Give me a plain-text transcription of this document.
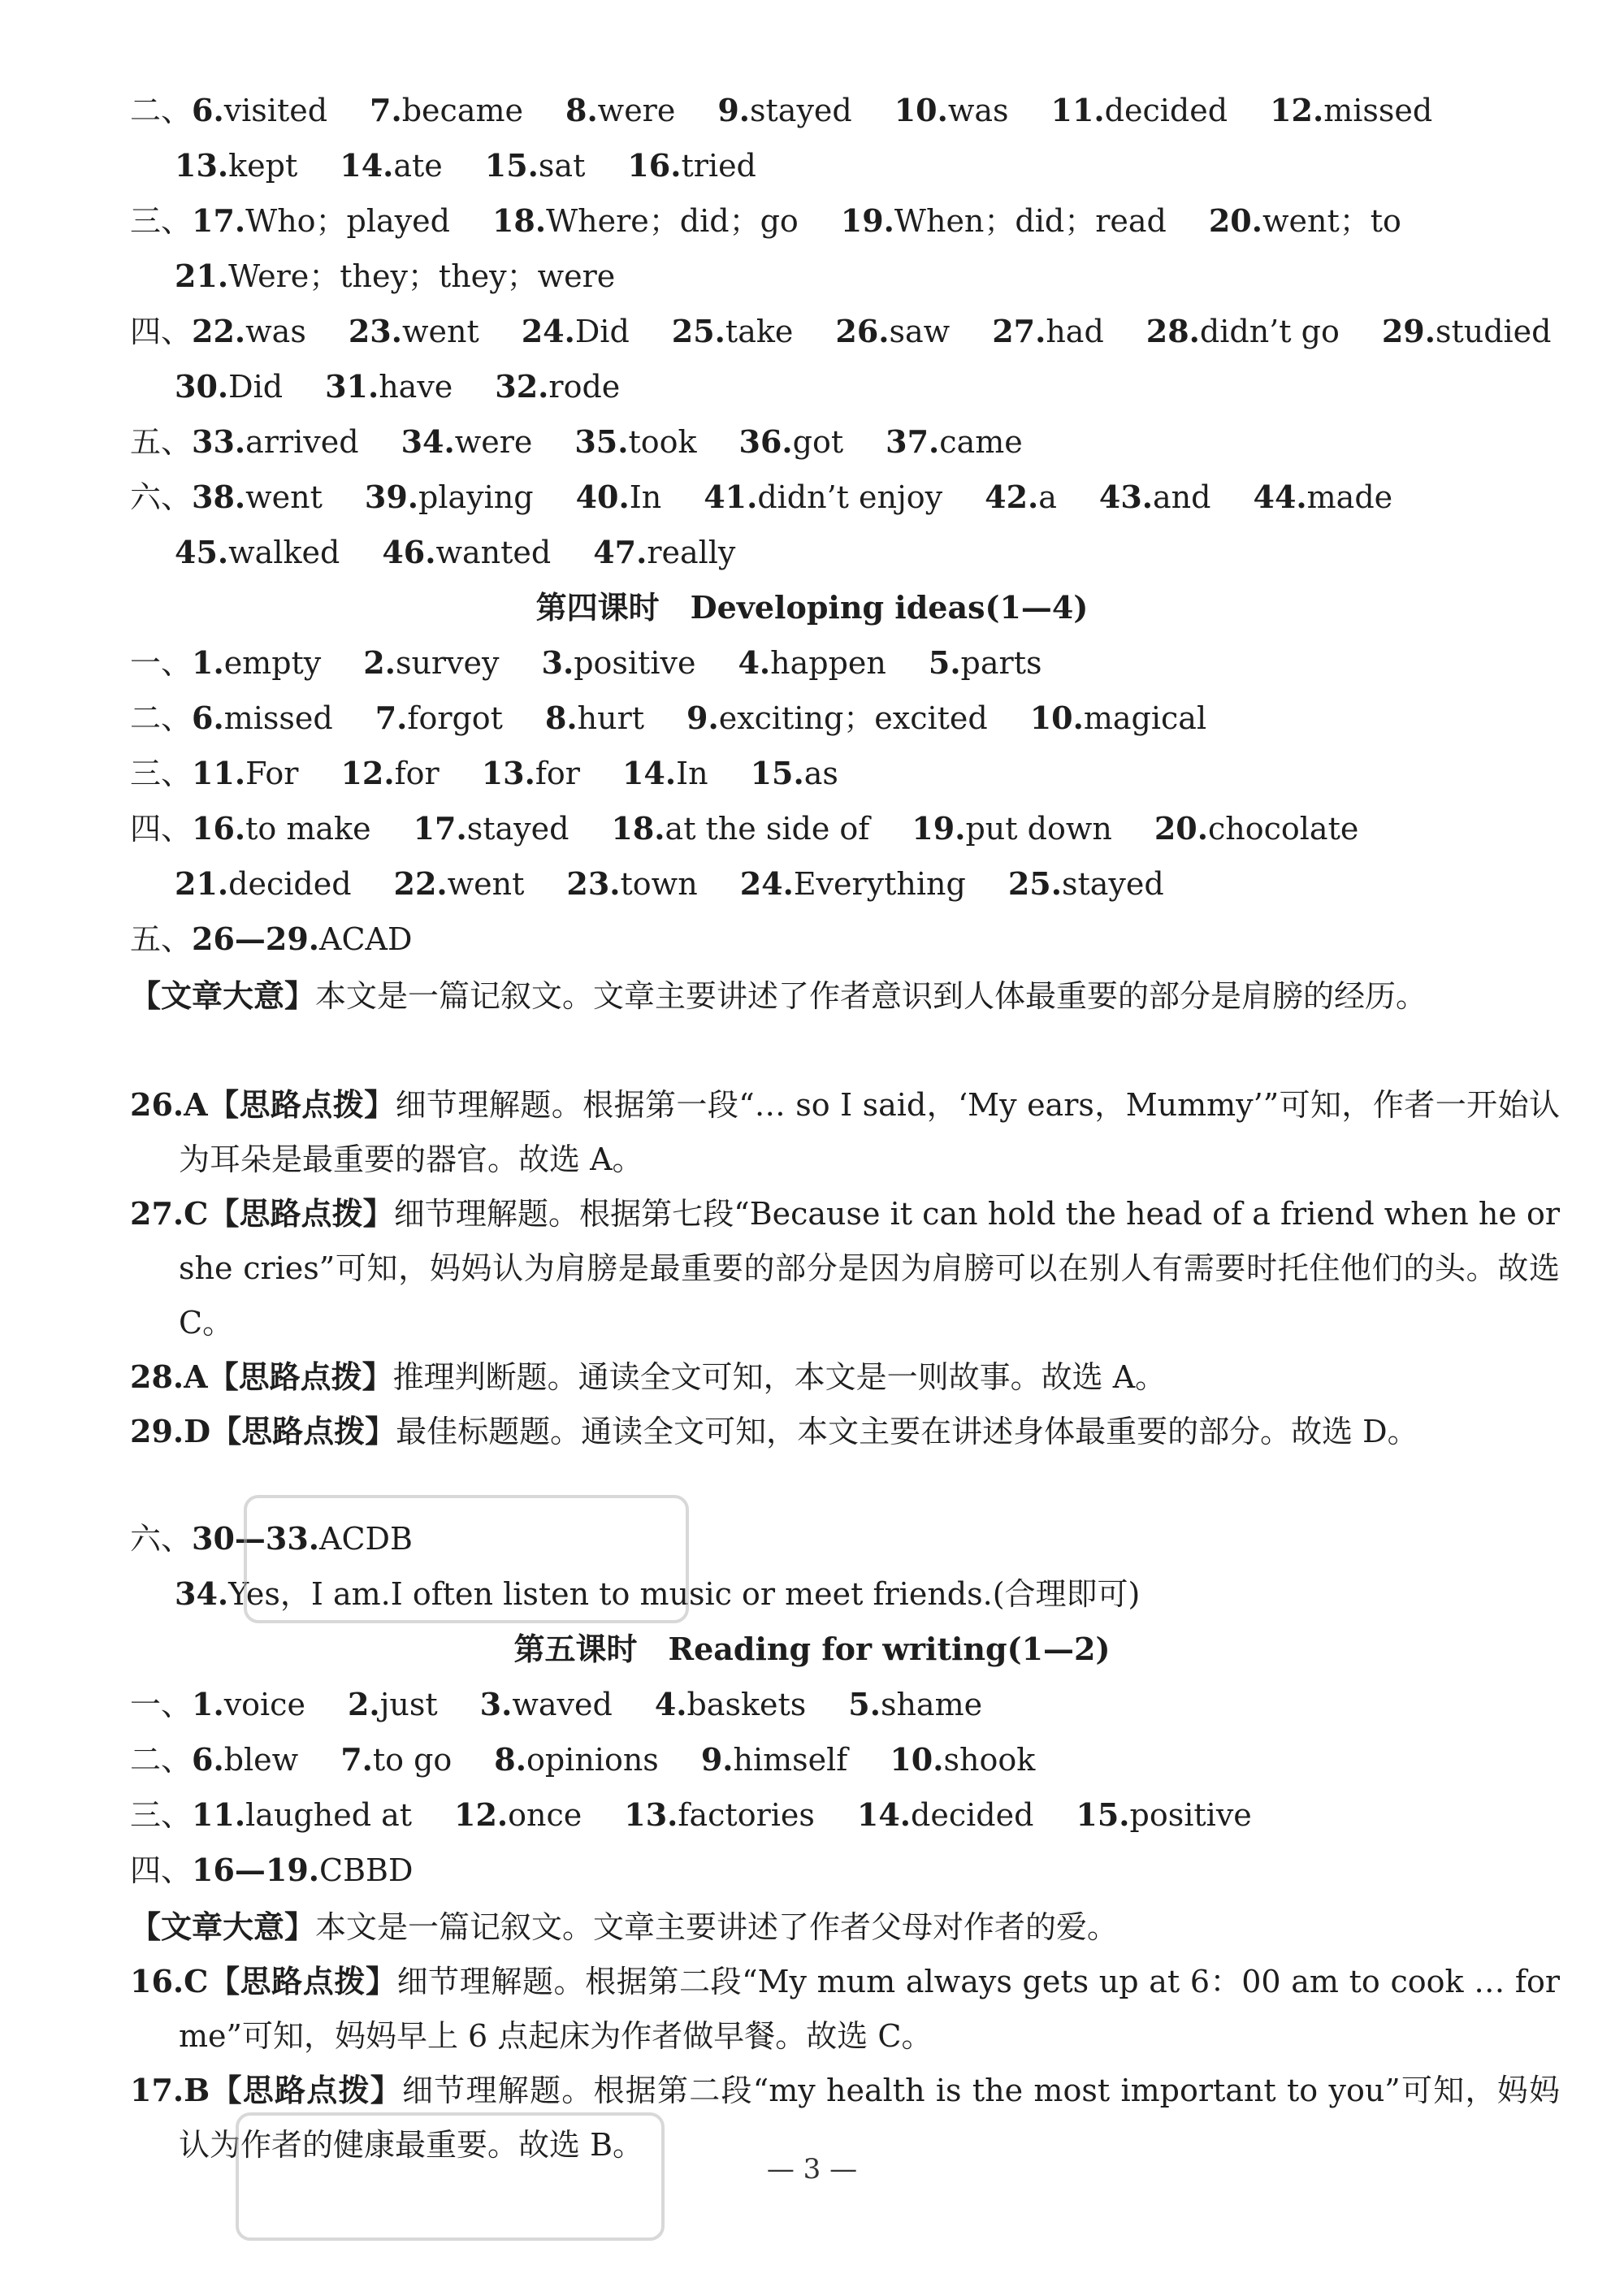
二、6.visited 7.became 8.were 9.stayed 10.was 11.decided 12.missed
13.kept 14.ate 15.sat 16.tried
三、17.Who；played 18.Where；did；go 19.When；did；read 20.went；to
21.Were；they；they；were
四、22.was 23.went 24.Did 25.take 26.saw 27.had 28.didn’t go 29.studied
30.Did 31.have 32.rode
五、33.arrived 34.were 35.took 36.got 37.came
六、38.went 39.playing 40.In 41.didn’t enjoy 42.a 43.and 44.made
45.walked 46.wanted 47.really
第四课时　Developing ideas(1—4)
一、1.empty 2.survey 3.positive 4.happen 5.parts
二、6.missed 7.forgot 8.hurt 9.exciting；excited 10.magical
三、11.For 12.for 13.for 14.In 15.as
四、16.to make 17.stayed 18.at the side of 19.put down 20.chocolate
21.decided 22.went 23.town 24.Everything 25.stayed
五、26—29.ACAD
【文章大意】本文是一篇记叙文。文章主要讲述了作者意识到人体最重要的部分是肩膀的经历。
26.A【思路点拨】细节理解题。根据第一段“… so I said，‘My ears，Mummy’”可知，作者一开始认为耳朵是最重要的器官。故选 A。
27.C【思路点拨】细节理解题。根据第七段“Because it can hold the head of a friend when he or she cries”可知，妈妈认为肩膀是最重要的部分是因为肩膀可以在别人有需要时托住他们的头。故选 C。
28.A【思路点拨】推理判断题。通读全文可知，本文是一则故事。故选 A。
29.D【思路点拨】最佳标题题。通读全文可知，本文主要在讲述身体最重要的部分。故选 D。
六、30—33.ACDB
34.Yes，I am.I often listen to music or meet friends.(合理即可)
第五课时　Reading for writing(1—2)
一、1.voice 2.just 3.waved 4.baskets 5.shame
二、6.blew 7.to go 8.opinions 9.himself 10.shook
三、11.laughed at 12.once 13.factories 14.decided 15.positive
四、16—19.CBBD
【文章大意】本文是一篇记叙文。文章主要讲述了作者父母对作者的爱。
16.C【思路点拨】细节理解题。根据第二段“My mum always gets up at 6：00 am to cook … for me”可知，妈妈早上 6 点起床为作者做早餐。故选 C。
17.B【思路点拨】细节理解题。根据第二段“my health is the most important to you”可知，妈妈认为作者的健康最重要。故选 B。
— 3 —
